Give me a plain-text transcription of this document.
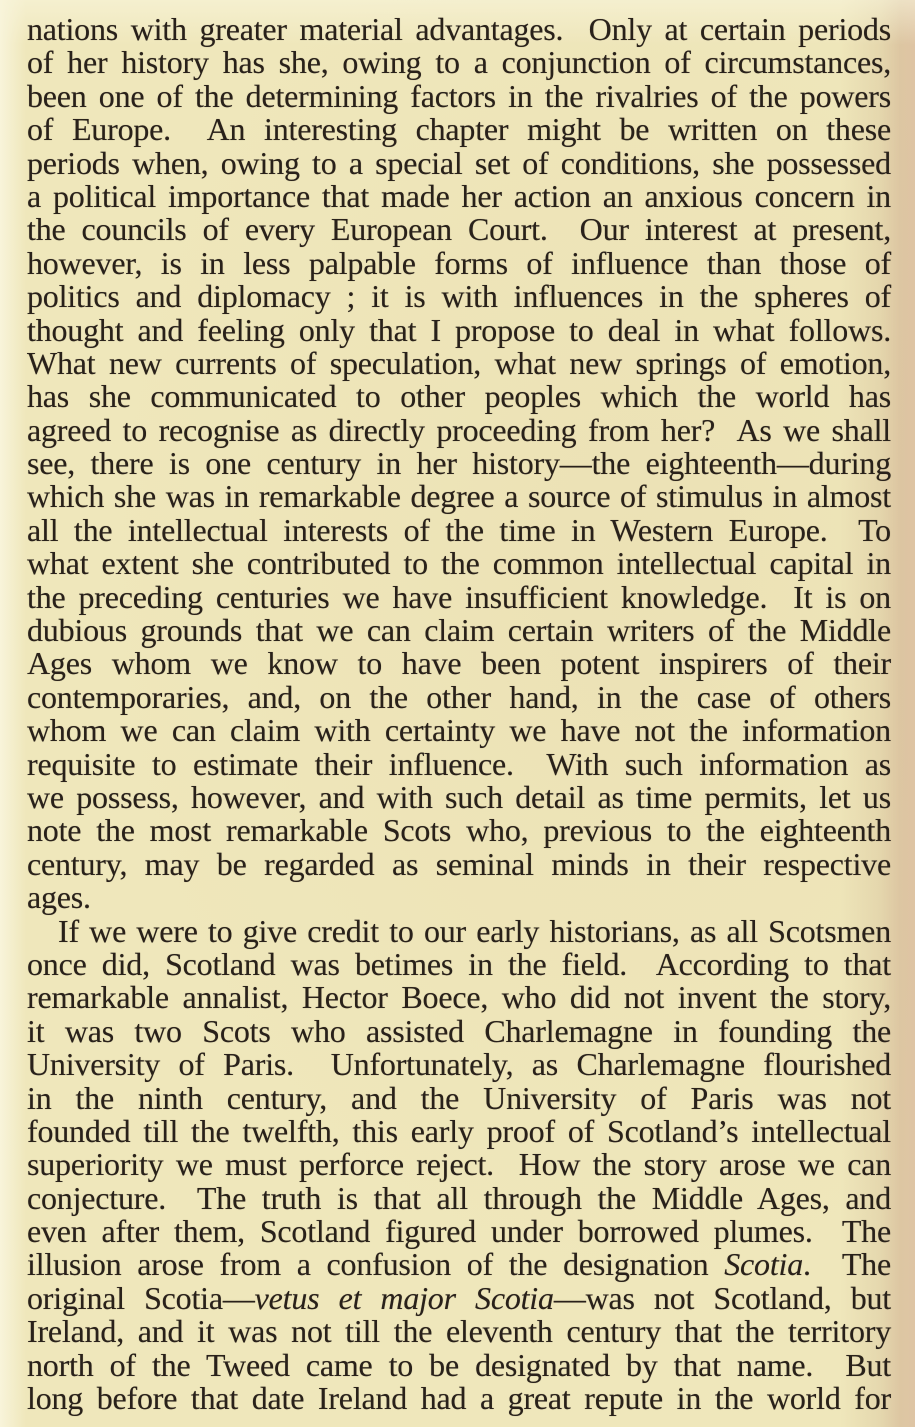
nations with greater material advantages.  Only at certain periods
of her history has she, owing to a conjunction of circumstances,
been one of the determining factors in the rivalries of the powers
of Europe.  An interesting chapter might be written on these
periods when, owing to a special set of conditions, she possessed
a political importance that made her action an anxious concern in
the councils of every European Court.  Our interest at present,
however, is in less palpable forms of influence than those of
politics and diplomacy ; it is with influences in the spheres of
thought and feeling only that I propose to deal in what follows.
What new currents of speculation, what new springs of emotion,
has she communicated to other peoples which the world has
agreed to recognise as directly proceeding from her?  As we shall
see, there is one century in her history—the eighteenth—during
which she was in remarkable degree a source of stimulus in almost
all the intellectual interests of the time in Western Europe.  To
what extent she contributed to the common intellectual capital in
the preceding centuries we have insufficient knowledge.  It is on
dubious grounds that we can claim certain writers of the Middle
Ages whom we know to have been potent inspirers of their
contemporaries, and, on the other hand, in the case of others
whom we can claim with certainty we have not the information
requisite to estimate their influence.  With such information as
we possess, however, and with such detail as time permits, let us
note the most remarkable Scots who, previous to the eighteenth
century, may be regarded as seminal minds in their respective
ages.
If we were to give credit to our early historians, as all Scotsmen
once did, Scotland was betimes in the field.  According to that
remarkable annalist, Hector Boece, who did not invent the story,
it was two Scots who assisted Charlemagne in founding the
University of Paris.  Unfortunately, as Charlemagne flourished
in the ninth century, and the University of Paris was not
founded till the twelfth, this early proof of Scotland’s intellectual
superiority we must perforce reject.  How the story arose we can
conjecture.  The truth is that all through the Middle Ages, and
even after them, Scotland figured under borrowed plumes.  The
illusion arose from a confusion of the designation Scotia.  The
original Scotia—vetus et major Scotia—was not Scotland, but
Ireland, and it was not till the eleventh century that the territory
north of the Tweed came to be designated by that name.  But
long before that date Ireland had a great repute in the world for
